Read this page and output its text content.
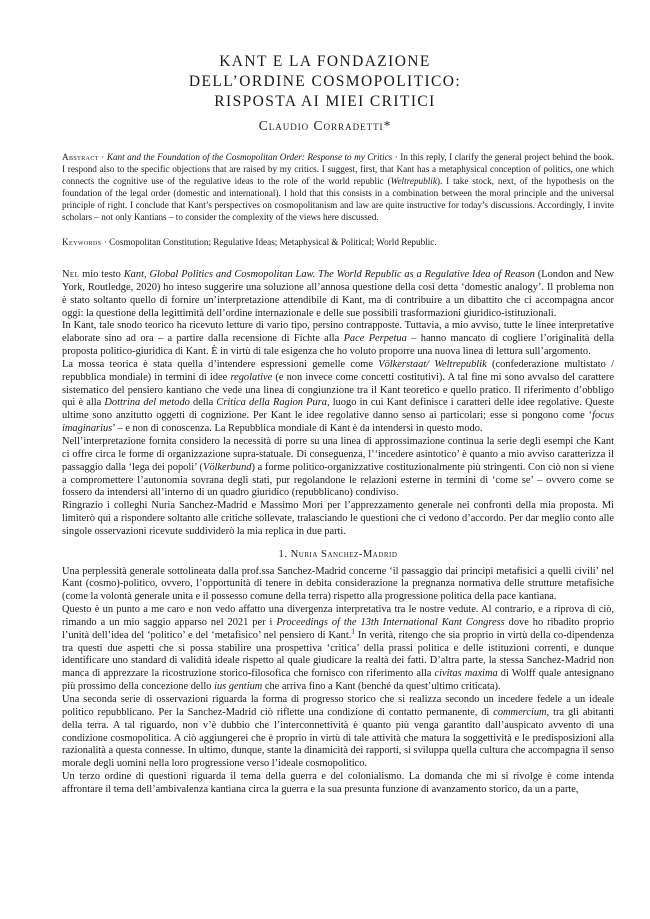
KANT E LA FONDAZIONE
DELL’ORDINE COSMOPOLITICO:
RISPOSTA AI MIEI CRITICI
Claudio Corradetti*
Abstract · Kant and the Foundation of the Cosmopolitan Order: Response to my Critics · In this reply, I clarify the general project behind the book. I respond also to the specific objections that are raised by my critics. I suggest, first, that Kant has a metaphysical conception of politics, one which connects the cognitive use of the regulative ideas to the role of the world republic (Weltrepublik). I take stock, next, of the hypothesis on the foundation of the legal order (domestic and international). I hold that this consists in a combination between the moral principle and the universal principle of right. I conclude that Kant’s perspectives on cosmopolitanism and law are quite instructive for today’s discussions. Accordingly, I invite scholars – not only Kantians – to consider the complexity of the views here discussed.
Keywords · Cosmopolitan Constitution; Regulative Ideas; Metaphysical & Political; World Republic.

Nel mio testo Kant, Global Politics and Cosmopolitan Law. The World Republic as a Regulative Idea of Reason (London and New York, Routledge, 2020) ho inteso suggerire una soluzione all’annosa questione della così detta ‘domestic analogy’. Il problema non è stato soltanto quello di fornire un’interpretazione attendibile di Kant, ma di contribuire a un dibattito che ci accompagna ancor oggi: la questione della legittimità dell’ordine internazionale e delle sue possibili trasformazioni giuridico-istituzionali.

In Kant, tale snodo teorico ha ricevuto letture di vario tipo, persino contrapposte. Tuttavia, a mio avviso, tutte le linee interpretative elaborate sino ad ora – a partire dalla recensione di Fichte alla Pace Perpetua – hanno mancato di cogliere l’originalità della proposta politico-giuridica di Kant. È in virtù di tale esigenza che ho voluto proporre una nuova linea di lettura sull’argomento.

La mossa teorica è stata quella d’intendere espressioni gemelle come Völkerstaat/ Weltrepublik (confederazione multistato / repubblica mondiale) in termini di idee regolative (e non invece come concetti costitutivi). A tal fine mi sono avvalso del carattere sistematico del pensiero kantiano che vede una linea di congiunzione tra il Kant teoretico e quello pratico. Il riferimento d’obbligo qui è alla Dottrina del metodo della Critica della Ragion Pura, luogo in cui Kant definisce i caratteri delle idee regolative. Queste ultime sono anzitutto oggetti di cognizione. Per Kant le idee regolative danno senso ai particolari; esse si pongono come ‘focus imaginarius’ – e non di conoscenza. La Repubblica mondiale di Kant è da intendersi in questo modo.

Nell’interpretazione fornita considero la necessità di porre su una linea di approssimazione continua la serie degli esempi che Kant ci offre circa le forme di organizzazione supra-statuale. Di conseguenza, l’‘incedere asintotico’ è quanto a mio avviso caratterizza il passaggio dalla ‘lega dei popoli’ (Völkerbund) a forme politico-organizzative costituzionalmente più stringenti. Con ciò non si viene a compromettere l’autonomia sovrana degli stati, pur regolandone le relazioni esterne in termini di ‘come se’ – ovvero come se fossero da intendersi all’interno di un quadro giuridico (repubblicano) condiviso.

Ringrazio i colleghi Nuria Sanchez-Madrid e Massimo Mori per l’apprezzamento generale nei confronti della mia proposta. Mi limiterò qui a rispondere soltanto alle critiche sollevate, tralasciando le questioni che ci vedono d’accordo. Per dar meglio conto alle singole osservazioni ricevute suddividerò la mia replica in due parti.

1. Nuria Sanchez-Madrid

Una perplessità generale sottolineata dalla prof.ssa Sanchez-Madrid concerne ‘il passaggio dai principi metafisici a quelli civili’ nel Kant (cosmo)-politico, ovvero, l’opportunità di tenere in debita considerazione la pregnanza normativa delle strutture metafisiche (come la volontà generale unita e il possesso comune della terra) rispetto alla progressione politica della pace kantiana.

Questo è un punto a me caro e non vedo affatto una divergenza interpretativa tra le nostre vedute. Al contrario, e a riprova di ciò, rimando a un mio saggio apparso nel 2021 per i Proceedings of the 13th International Kant Congress dove ho ribadito proprio l’unità dell’idea del ‘politico’ e del ‘metafisico’ nel pensiero di Kant.$^1$ In verità, ritengo che sia proprio in virtù della co-dipendenza tra questi due aspetti che si possa stabilire una prospettiva ‘critica’ della prassi politica e delle istituzioni correnti, e dunque identificare uno standard di validità ideale rispetto al quale giudicare la realtà dei fatti. D’altra parte, la stessa Sanchez-Madrid non manca di apprezzare la ricostruzione storico-filosofica che fornisco con riferimento alla civitas maxima di Wolff quale antesignano più prossimo della concezione dello ius gentium che arriva fino a Kant (benché da quest’ultimo criticata).

Una seconda serie di osservazioni riguarda la forma di progresso storico che si realizza secondo un incedere fedele a un ideale politico repubblicano. Per la Sanchez-Madrid ciò riflette una condizione di contatto permanente, di commercium, tra gli abitanti della terra. A tal riguardo, non v’è dubbio che l’interconnettività è quanto più venga garantito dall’auspicato avvento di una condizione cosmopolitica. A ciò aggiungerei che è proprio in virtù di tale attività che matura la soggettività e le predisposizioni alla razionalità a questa connesse. In ultimo, dunque, stante la dinamicità dei rapporti, si sviluppa quella cultura che accompagna il senso morale degli uomini nella loro progressione verso l’ideale cosmopolitico.

Un terzo ordine di questioni riguarda il tema della guerra e del colonialismo. La domanda che mi si rivolge è come intenda affrontare il tema dell’ambivalenza kantiana circa la guerra e la sua presunta funzione di avanzamento storico, da un a parte,
